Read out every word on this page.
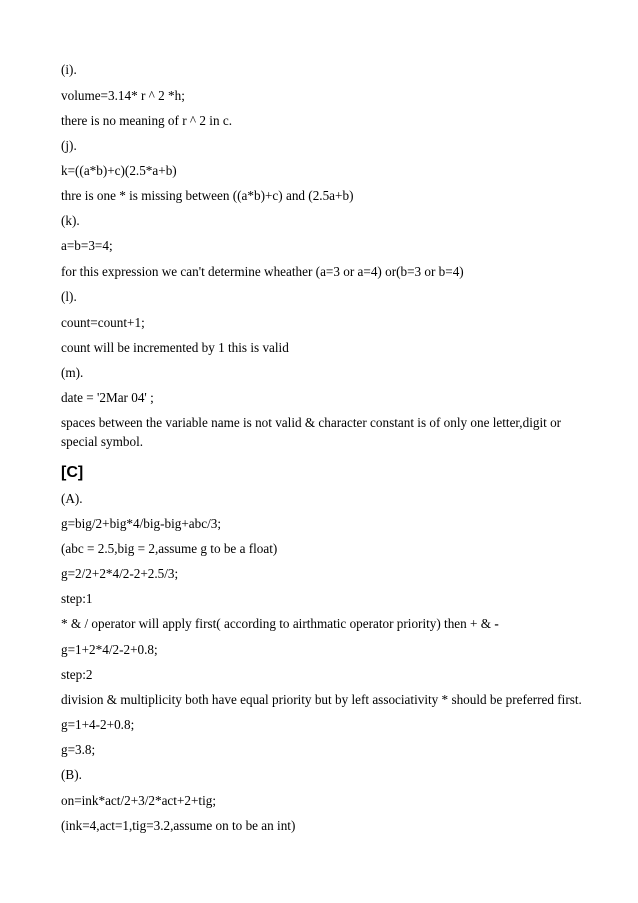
(i).
volume=3.14* r ^ 2 *h;
there is no meaning of r ^ 2 in c.
(j).
k=((a*b)+c)(2.5*a+b)
thre is one * is missing between ((a*b)+c) and (2.5a+b)
(k).
a=b=3=4;
for this expression we can't determine wheather (a=3 or a=4) or(b=3 or b=4)
(l).
count=count+1;
count will be incremented by 1 this is valid
(m).
date = '2Mar 04' ;
spaces between the variable name is not valid & character constant is of only one letter,digit or special symbol.
[C]
(A).
g=big/2+big*4/big-big+abc/3;
(abc = 2.5,big = 2,assume g to be a float)
g=2/2+2*4/2-2+2.5/3;
step:1
* & / operator will apply first( according to airthmatic operator priority) then + & -
g=1+2*4/2-2+0.8;
step:2
division & multiplicity both have equal priority but by left associativity * should be preferred first.
g=1+4-2+0.8;
g=3.8;
(B).
on=ink*act/2+3/2*act+2+tig;
(ink=4,act=1,tig=3.2,assume on to be an int)
